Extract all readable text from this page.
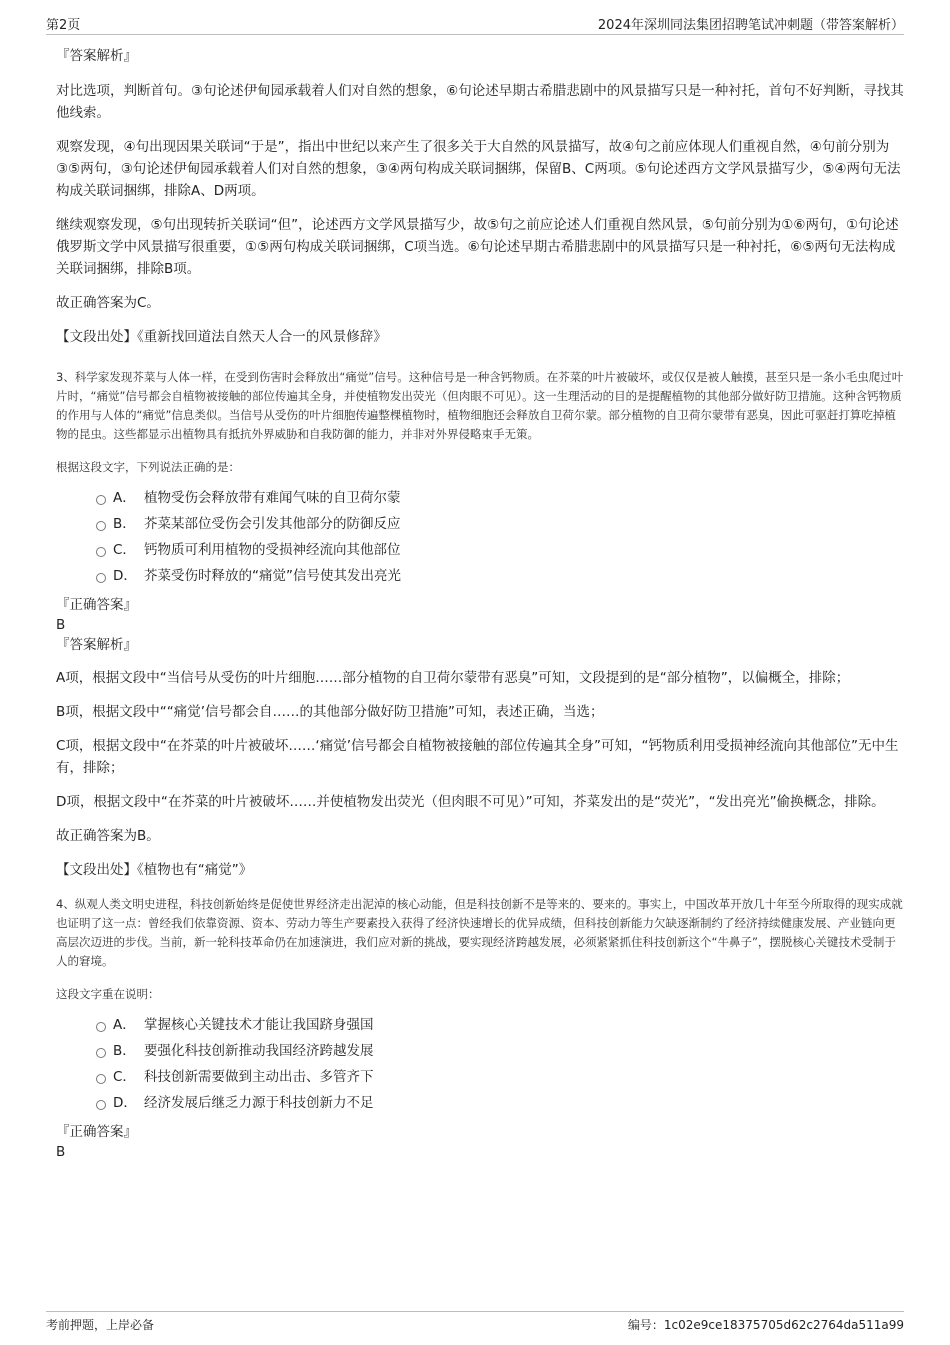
第2页	2024年深圳同法集团招聘笔试冲刺题（带答案解析）

『答案解析』

对比选项，判断首句。③句论述伊甸园承载着人们对自然的想象，⑥句论述早期古希腊悲剧中的风景描写只是一种衬托，首句不好判断，寻找其他线索。

观察发现，④句出现因果关联词“于是”，指出中世纪以来产生了很多关于大自然的风景描写，故④句之前应体现人们重视自然，④句前分别为③⑤两句，③句论述伊甸园承载着人们对自然的想象，③④两句构成关联词捆绑，保留B、C两项。⑤句论述西方文学风景描写少，⑤④两句无法构成关联词捆绑，排除A、D两项。

继续观察发现，⑤句出现转折关联词“但”，论述西方文学风景描写少，故⑤句之前应论述人们重视自然风景，⑤句前分别为①⑥两句，①句论述俄罗斯文学中风景描写很重要，①⑤两句构成关联词捆绑，C项当选。⑥句论述早期古希腊悲剧中的风景描写只是一种衬托，⑥⑤两句无法构成关联词捆绑，排除B项。

故正确答案为C。

【文段出处】《重新找回道法自然天人合一的风景修辞》

3、科学家发现芥菜与人体一样，在受到伤害时会释放出“痛觉”信号。这种信号是一种含钙物质。在芥菜的叶片被破坏，或仅仅是被人触摸，甚至只是一条小毛虫爬过叶片时，“痛觉”信号都会自植物被接触的部位传遍其全身，并使植物发出荧光（但肉眼不可见）。这一生理活动的目的是提醒植物的其他部分做好防卫措施。这种含钙物质的作用与人体的“痛觉”信息类似。当信号从受伤的叶片细胞传遍整棵植物时，植物细胞还会释放自卫荷尔蒙。部分植物的自卫荷尔蒙带有恶臭，因此可驱赶打算吃掉植物的昆虫。这些都显示出植物具有抵抗外界威胁和自我防御的能力，并非对外界侵略束手无策。

根据这段文字，下列说法正确的是：

A． 植物受伤会释放带有难闻气味的自卫荷尔蒙
B． 芥菜某部位受伤会引发其他部分的防御反应
C． 钙物质可利用植物的受损神经流向其他部位
D． 芥菜受伤时释放的“痛觉”信号使其发出亮光

『正确答案』

B

『答案解析』

A项，根据文段中“当信号从受伤的叶片细胞……部分植物的自卫荷尔蒙带有恶臭”可知，文段提到的是“部分植物”，以偏概全，排除；

B项，根据文段中““痛觉’信号都会自……的其他部分做好防卫措施”可知，表述正确，当选；

C项，根据文段中“在芥菜的叶片被破坏……‘痛觉’信号都会自植物被接触的部位传遍其全身”可知，“钙物质利用受损神经流向其他部位”无中生有，排除；

D项，根据文段中“在芥菜的叶片被破坏……并使植物发出荧光（但肉眼不可见）”可知，芥菜发出的是“荧光”，“发出亮光”偷换概念，排除。

故正确答案为B。

【文段出处】《植物也有“痛觉”》

4、纵观人类文明史进程，科技创新始终是促使世界经济走出泥淖的核心动能，但是科技创新不是等来的、要来的。事实上，中国改革开放几十年至今所取得的现实成就也证明了这一点：曾经我们依靠资源、资本、劳动力等生产要素投入获得了经济快速增长的优异成绩，但科技创新能力欠缺逐渐制约了经济持续健康发展、产业链向更高层次迈进的步伐。当前，新一轮科技革命仍在加速演进，我们应对新的挑战，要实现经济跨越发展，必须紧紧抓住科技创新这个“牛鼻子”，摆脱核心关键技术受制于人的窘境。

这段文字重在说明：

A． 掌握核心关键技术才能让我国跻身强国
B． 要强化科技创新推动我国经济跨越发展
C． 科技创新需要做到主动出击、多管齐下
D． 经济发展后继乏力源于科技创新力不足

『正确答案』

B

考前押题，上岸必备	编号：1c02e9ce18375705d62c2764da511a99
